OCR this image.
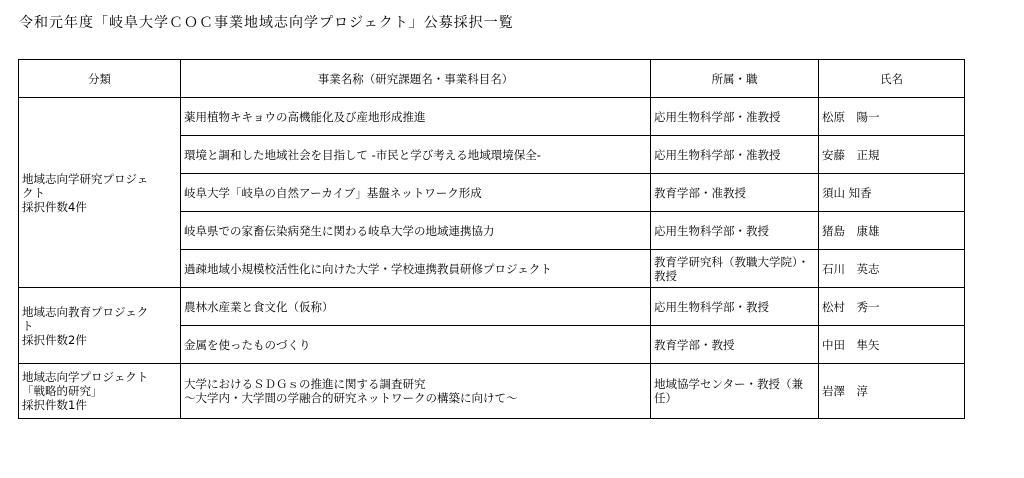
令和元年度「岐阜大学ＣＯＣ事業地域志向学プロジェクト」公募採択一覧
分類	事業名称（研究課題名・事業科目名）	所属・職	氏名

地域志向学研究プロジェ
クト
採択件数4件	薬用植物キキョウの高機能化及び産地形成推進	応用生物科学部・准教授	松原　陽一
	環境と調和した地域社会を目指して -市民と学び考える地域環境保全-	応用生物科学部・准教授	安藤　正規
	岐阜大学「岐阜の自然アーカイブ」基盤ネットワーク形成	教育学部・准教授	須山 知香
	岐阜県での家畜伝染病発生に関わる岐阜大学の地域連携協力	応用生物科学部・教授	猪島　康雄
	過疎地域小規模校活性化に向けた大学・学校連携教員研修プロジェクト	教育学研究科（教職大学院）・教授	石川　英志

地域志向教育プロジェク
ト
採択件数2件	農林水産業と食文化（仮称）	応用生物科学部・教授	松村　秀一
	金属を使ったものづくり	教育学部・教授	中田　隼矢

地域志向学プロジェクト
「戦略的研究」
採択件数1件	大学におけるＳＤＧｓの推進に関する調査研究
～大学内・大学間の学融合的研究ネットワークの構築に向けて～	地域協学センター・教授（兼任）	岩澤　淳
